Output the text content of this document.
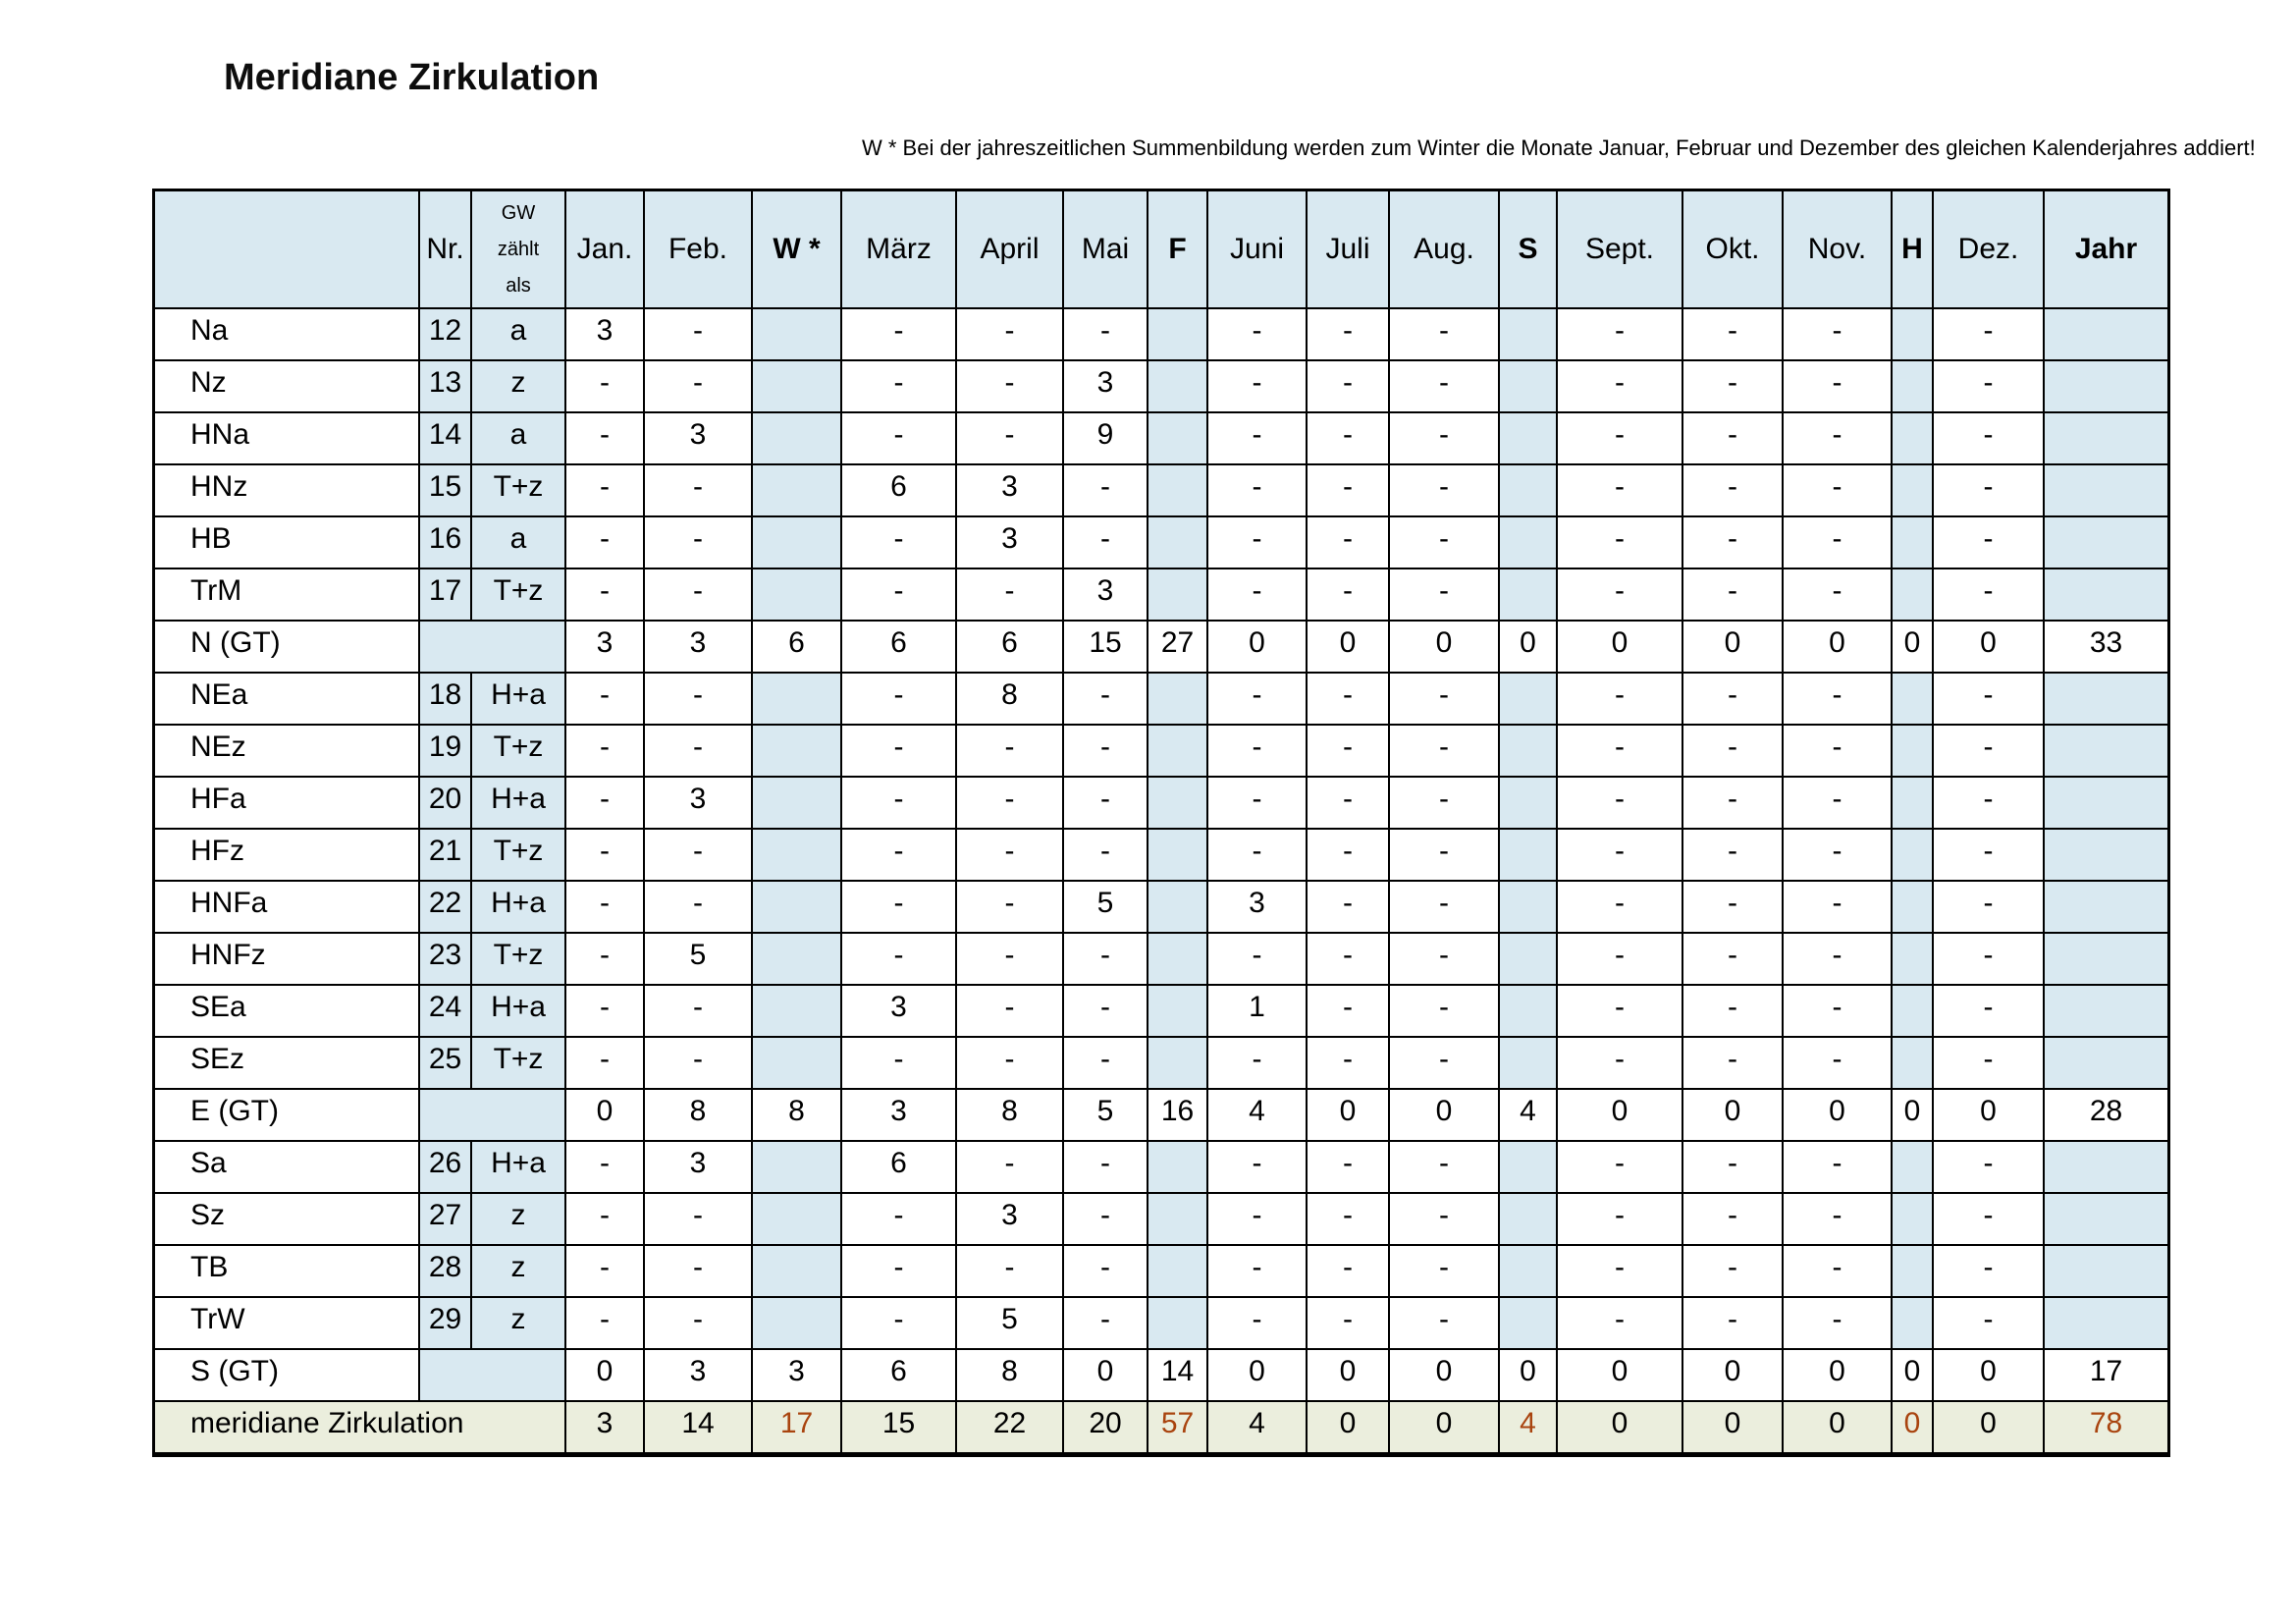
Meridiane Zirkulation
W * Bei der jahreszeitlichen Summenbildung werden zum Winter die Monate Januar, Februar und Dezember des gleichen Kalenderjahres addiert!
	Nr.	GW
zählt
als	Jan.	Feb.	W *	März	April	Mai	F	Juni	Juli	Aug.	S	Sept.	Okt.	Nov.	H	Dez.	Jahr
Na	12	a	3	-		-	-	-		-	-	-		-	-	-		-	
Nz	13	z	-	-		-	-	3		-	-	-		-	-	-		-	
HNa	14	a	-	3		-	-	9		-	-	-		-	-	-		-	
HNz	15	T+z	-	-		6	3	-		-	-	-		-	-	-		-	
HB	16	a	-	-		-	3	-		-	-	-		-	-	-		-	
TrM	17	T+z	-	-		-	-	3		-	-	-		-	-	-		-	
N (GT)			3	3	6	6	6	15	27	0	0	0	0	0	0	0	0	0	33
NEa	18	H+a	-	-		-	8	-		-	-	-		-	-	-		-	
NEz	19	T+z	-	-		-	-	-		-	-	-		-	-	-		-	
HFa	20	H+a	-	3		-	-	-		-	-	-		-	-	-		-	
HFz	21	T+z	-	-		-	-	-		-	-	-		-	-	-		-	
HNFa	22	H+a	-	-		-	-	5		3	-	-		-	-	-		-	
HNFz	23	T+z	-	5		-	-	-		-	-	-		-	-	-		-	
SEa	24	H+a	-	-		3	-	-		1	-	-		-	-	-		-	
SEz	25	T+z	-	-		-	-	-		-	-	-		-	-	-		-	
E (GT)			0	8	8	3	8	5	16	4	0	0	4	0	0	0	0	0	28
Sa	26	H+a	-	3		6	-	-		-	-	-		-	-	-		-	
Sz	27	z	-	-		-	3	-		-	-	-		-	-	-		-	
TB	28	z	-	-		-	-	-		-	-	-		-	-	-		-	
TrW	29	z	-	-		-	5	-		-	-	-		-	-	-		-	
S (GT)			0	3	3	6	8	0	14	0	0	0	0	0	0	0	0	0	17
meridiane Zirkulation			3	14	17	15	22	20	57	4	0	0	4	0	0	0	0	0	78
